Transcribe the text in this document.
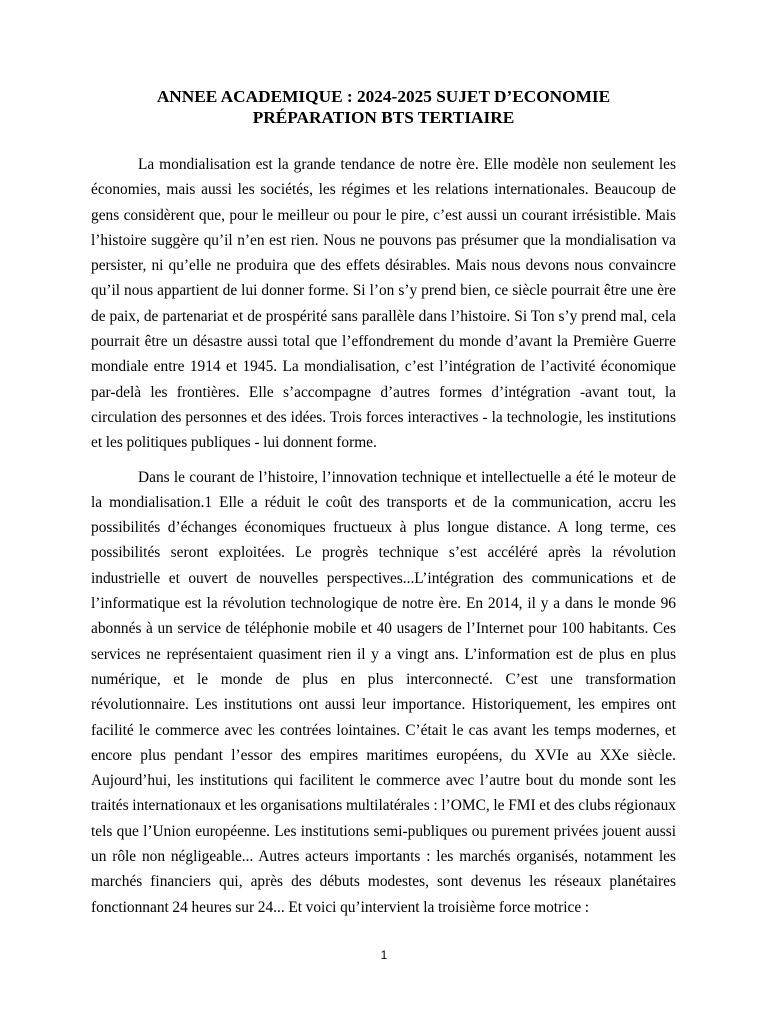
ANNEE ACADEMIQUE : 2024-2025 SUJET D’ECONOMIE
PRÉPARATION BTS TERTIAIRE

La mondialisation est la grande tendance de notre ère. Elle modèle non seulement les économies, mais aussi les sociétés, les régimes et les relations internationales. Beaucoup de gens considèrent que, pour le meilleur ou pour le pire, c’est aussi un courant irrésistible. Mais l’histoire suggère qu’il n’en est rien. Nous ne pouvons pas présumer que la mondialisation va persister, ni qu’elle ne produira que des effets désirables. Mais nous devons nous convaincre qu’il nous appartient de lui donner forme. Si l’on s’y prend bien, ce siècle pourrait être une ère de paix, de partenariat et de prospérité sans parallèle dans l’histoire. Si Ton s’y prend mal, cela pourrait être un désastre aussi total que l’effondrement du monde d’avant la Première Guerre mondiale entre 1914 et 1945. La mondialisation, c’est l’intégration de l’activité économique par-delà les frontières. Elle s’accompagne d’autres formes d’intégration -avant tout, la circulation des personnes et des idées. Trois forces interactives - la technologie, les institutions et les politiques publiques - lui donnent forme.

Dans le courant de l’histoire, l’innovation technique et intellectuelle a été le moteur de la mondialisation.1 Elle a réduit le coût des transports et de la communication, accru les possibilités d’échanges économiques fructueux à plus longue distance. A long terme, ces possibilités seront exploitées. Le progrès technique s’est accéléré après la révolution industrielle et ouvert de nouvelles perspectives...L’intégration des communications et de l’informatique est la révolution technologique de notre ère. En 2014, il y a dans le monde 96 abonnés à un service de téléphonie mobile et 40 usagers de l’Internet pour 100 habitants. Ces services ne représentaient quasiment rien il y a vingt ans. L’information est de plus en plus numérique, et le monde de plus en plus interconnecté. C’est une transformation révolutionnaire. Les institutions ont aussi leur importance. Historiquement, les empires ont facilité le commerce avec les contrées lointaines. C’était le cas avant les temps modernes, et encore plus pendant l’essor des empires maritimes européens, du XVIe au XXe siècle. Aujourd’hui, les institutions qui facilitent le commerce avec l’autre bout du monde sont les traités internationaux et les organisations multilatérales : l’OMC, le FMI et des clubs régionaux tels que l’Union européenne. Les institutions semi-publiques ou purement privées jouent aussi un rôle non négligeable... Autres acteurs importants : les marchés organisés, notamment les marchés financiers qui, après des débuts modestes, sont devenus les réseaux planétaires fonctionnant 24 heures sur 24... Et voici qu’intervient la troisième force motrice :

1
